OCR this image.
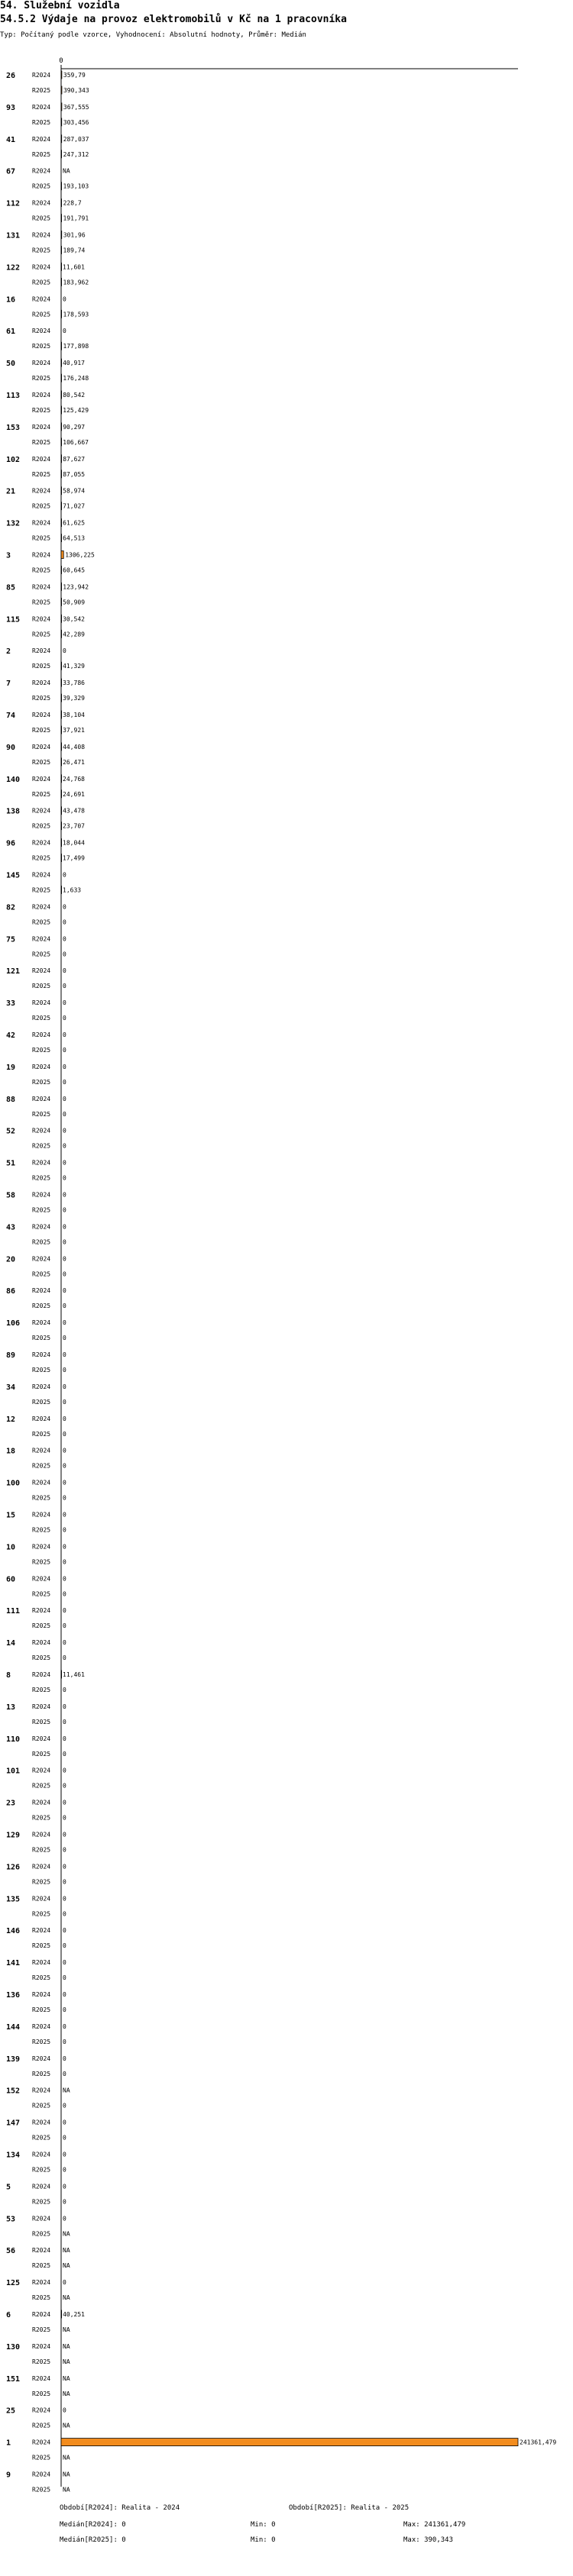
54. Služební vozidla
54.5.2 Výdaje na provoz elektromobilů v Kč na 1 pracovníka
Typ: Počítaný podle vzorce, Vyhodnocení: Absolutní hodnoty, Průměr: Medián
0
26	R2024 359,79
R2025 390,343
93	R2024 367,555
R2025 303,456
41	R2024 287,037
R2025 247,312
67	R2024 NA
R2025 193,103
112 R2024 228,7
R2025 191,791
131 R2024 301,96
R2025 189,74
122 R2024 11,601
R2025 183,962
16	R2024 0
R2025 178,593
61	R2024 0
R2025 177,898
50	R2024 40,917
R2025 176,248
113 R2024 80,542
R2025 125,429
153 R2024 90,297
R2025 106,667
102 R2024 87,627
R2025 87,055
21	R2024 58,974
R2025 71,027
132 R2024 61,625
R2025 64,513
3	R2024 1306,225
R2025 60,645
85	R2024 123,942
R2025 50,909
115 R2024 30,542
R2025 42,289
2	R2024 0
R2025 41,329
7	R2024 33,786
R2025 39,329
74	R2024 38,104
R2025 37,921
90	R2024 44,408
R2025 26,471
140 R2024 24,768
R2025 24,691
138 R2024 43,478
R2025 23,707
96	R2024 18,044
R2025 17,499
145 R2024 0
R2025 1,633
82	R2024 0
R2025 0
75	R2024 0
R2025 0
121 R2024 0
R2025 0
33	R2024 0
R2025 0
42	R2024 0
R2025 0
19	R2024 0
R2025 0
88	R2024 0
R2025 0
52	R2024 0
R2025 0
51	R2024 0
R2025 0
58	R2024 0
R2025 0
43	R2024 0
R2025 0
20	R2024 0
R2025 0
86	R2024 0
R2025 0
106 R2024 0
R2025 0
89	R2024 0
R2025 0
34	R2024 0
R2025 0
12	R2024 0
R2025 0
18	R2024 0
R2025 0
100 R2024 0
R2025 0
15	R2024 0
R2025 0
10	R2024 0
R2025 0
60	R2024 0
R2025 0
111 R2024 0
R2025 0
14	R2024 0
R2025 0
8	R2024 11,461
R2025 0
13	R2024 0
R2025 0
110 R2024 0
R2025 0
101 R2024 0
R2025 0
23	R2024 0
R2025 0
129 R2024 0
R2025 0
126 R2024 0
R2025 0
135 R2024 0
R2025 0
146 R2024 0
R2025 0
141 R2024 0
R2025 0
136 R2024 0
R2025 0
144 R2024 0
R2025 0
139 R2024 0
R2025 0
152 R2024 NA
R2025 0
147 R2024 0
R2025 0
134 R2024 0
R2025 0
5	R2024 0
R2025 0
53	R2024 0
R2025 NA
56	R2024 NA
R2025 NA
125 R2024 0
R2025 NA
6	R2024 40,251
R2025 NA
130 R2024 NA
R2025 NA
151 R2024 NA
R2025 NA
25	R2024 0
R2025 NA
1	R2024	241361,479
R2025 NA
9	R2024 NA
R2025 NA
Období[R2024]: Realita - 2024	Období[R2025]: Realita - 2025
Medián[R2024]: 0	Min: 0	Max: 241361,479
Medián[R2025]: 0	Min: 0	Max: 390,343
